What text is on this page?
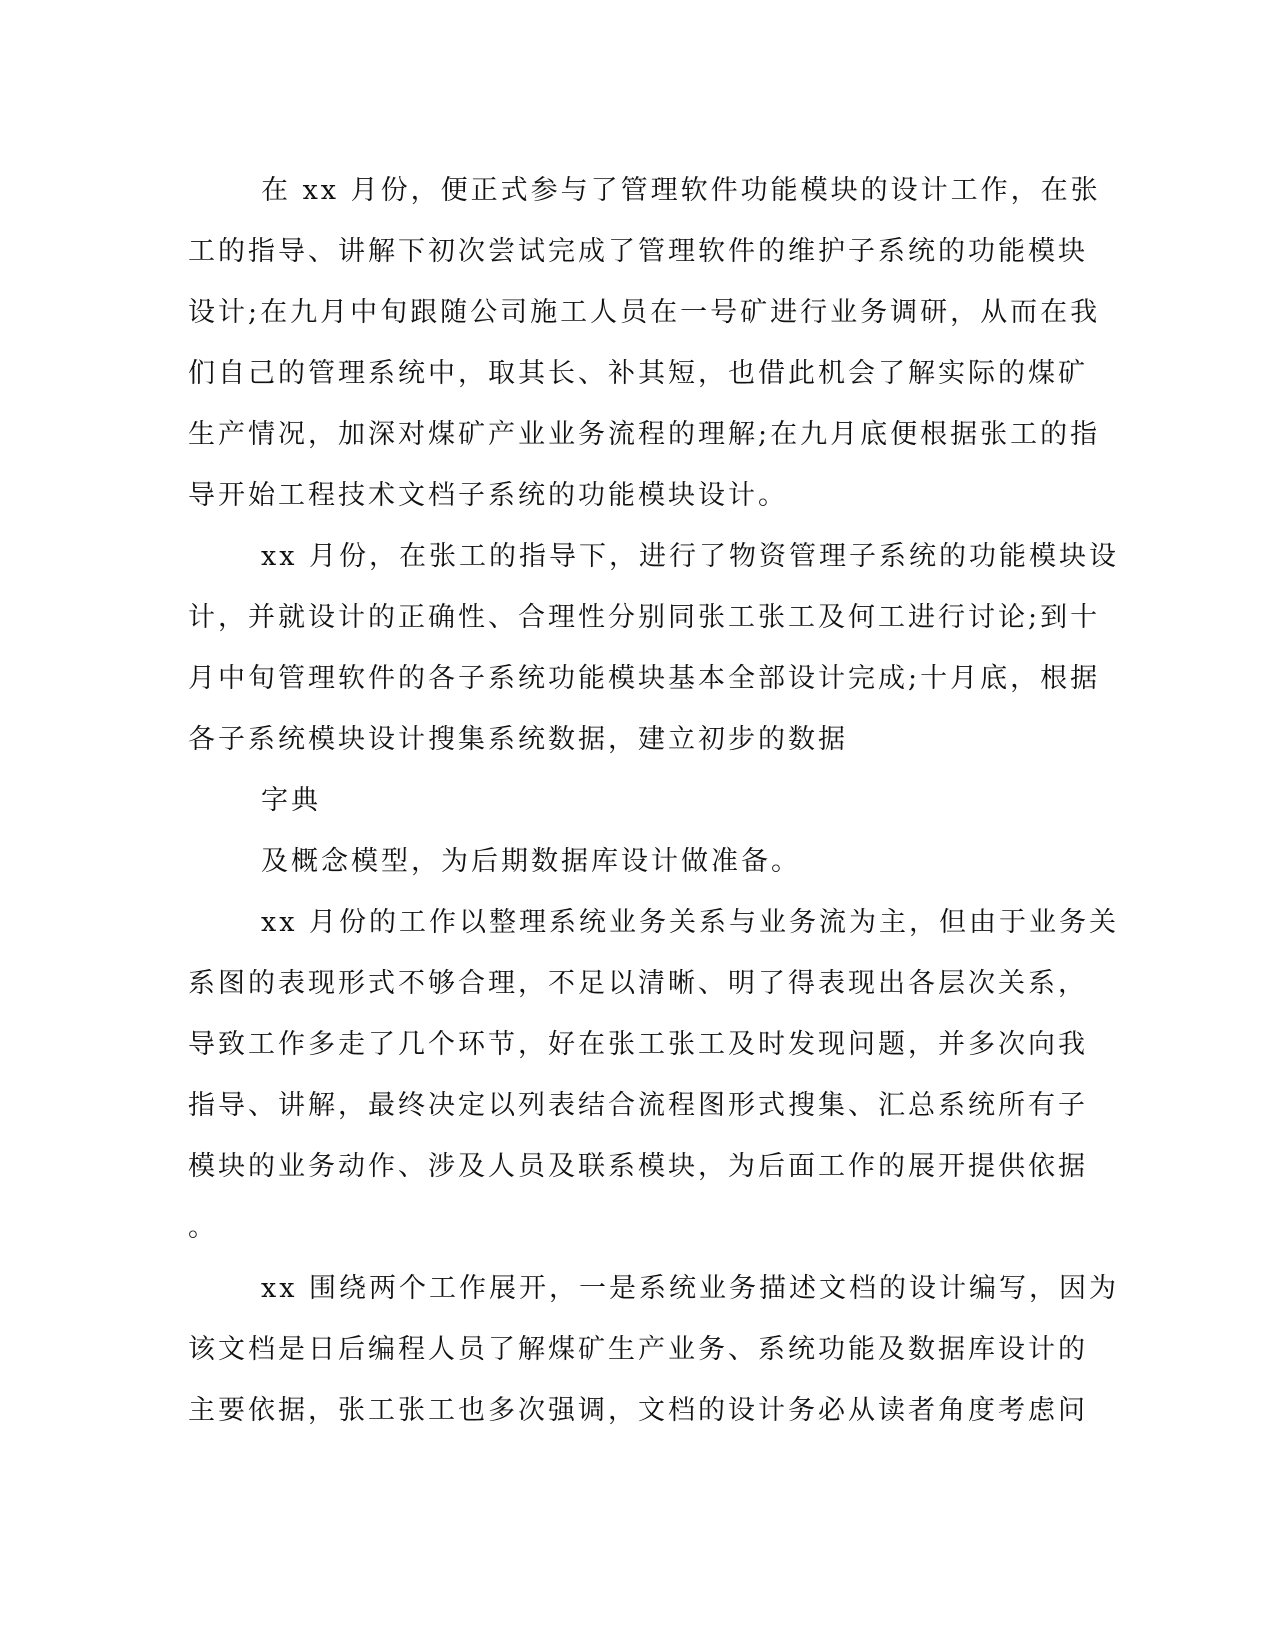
在 xx 月份，便正式参与了管理软件功能模块的设计工作，在张
工的指导、讲解下初次尝试完成了管理软件的维护子系统的功能模块
设计;在九月中旬跟随公司施工人员在一号矿进行业务调研，从而在我
们自己的管理系统中，取其长、补其短，也借此机会了解实际的煤矿
生产情况，加深对煤矿产业业务流程的理解;在九月底便根据张工的指
导开始工程技术文档子系统的功能模块设计。
xx 月份，在张工的指导下，进行了物资管理子系统的功能模块设
计，并就设计的正确性、合理性分别同张工张工及何工进行讨论;到十
月中旬管理软件的各子系统功能模块基本全部设计完成;十月底，根据
各子系统模块设计搜集系统数据，建立初步的数据
字典
及概念模型，为后期数据库设计做准备。
xx 月份的工作以整理系统业务关系与业务流为主，但由于业务关
系图的表现形式不够合理，不足以清晰、明了得表现出各层次关系，
导致工作多走了几个环节，好在张工张工及时发现问题，并多次向我
指导、讲解，最终决定以列表结合流程图形式搜集、汇总系统所有子
模块的业务动作、涉及人员及联系模块，为后面工作的展开提供依据
。
xx 围绕两个工作展开，一是系统业务描述文档的设计编写，因为
该文档是日后编程人员了解煤矿生产业务、系统功能及数据库设计的
主要依据，张工张工也多次强调，文档的设计务必从读者角度考虑问
